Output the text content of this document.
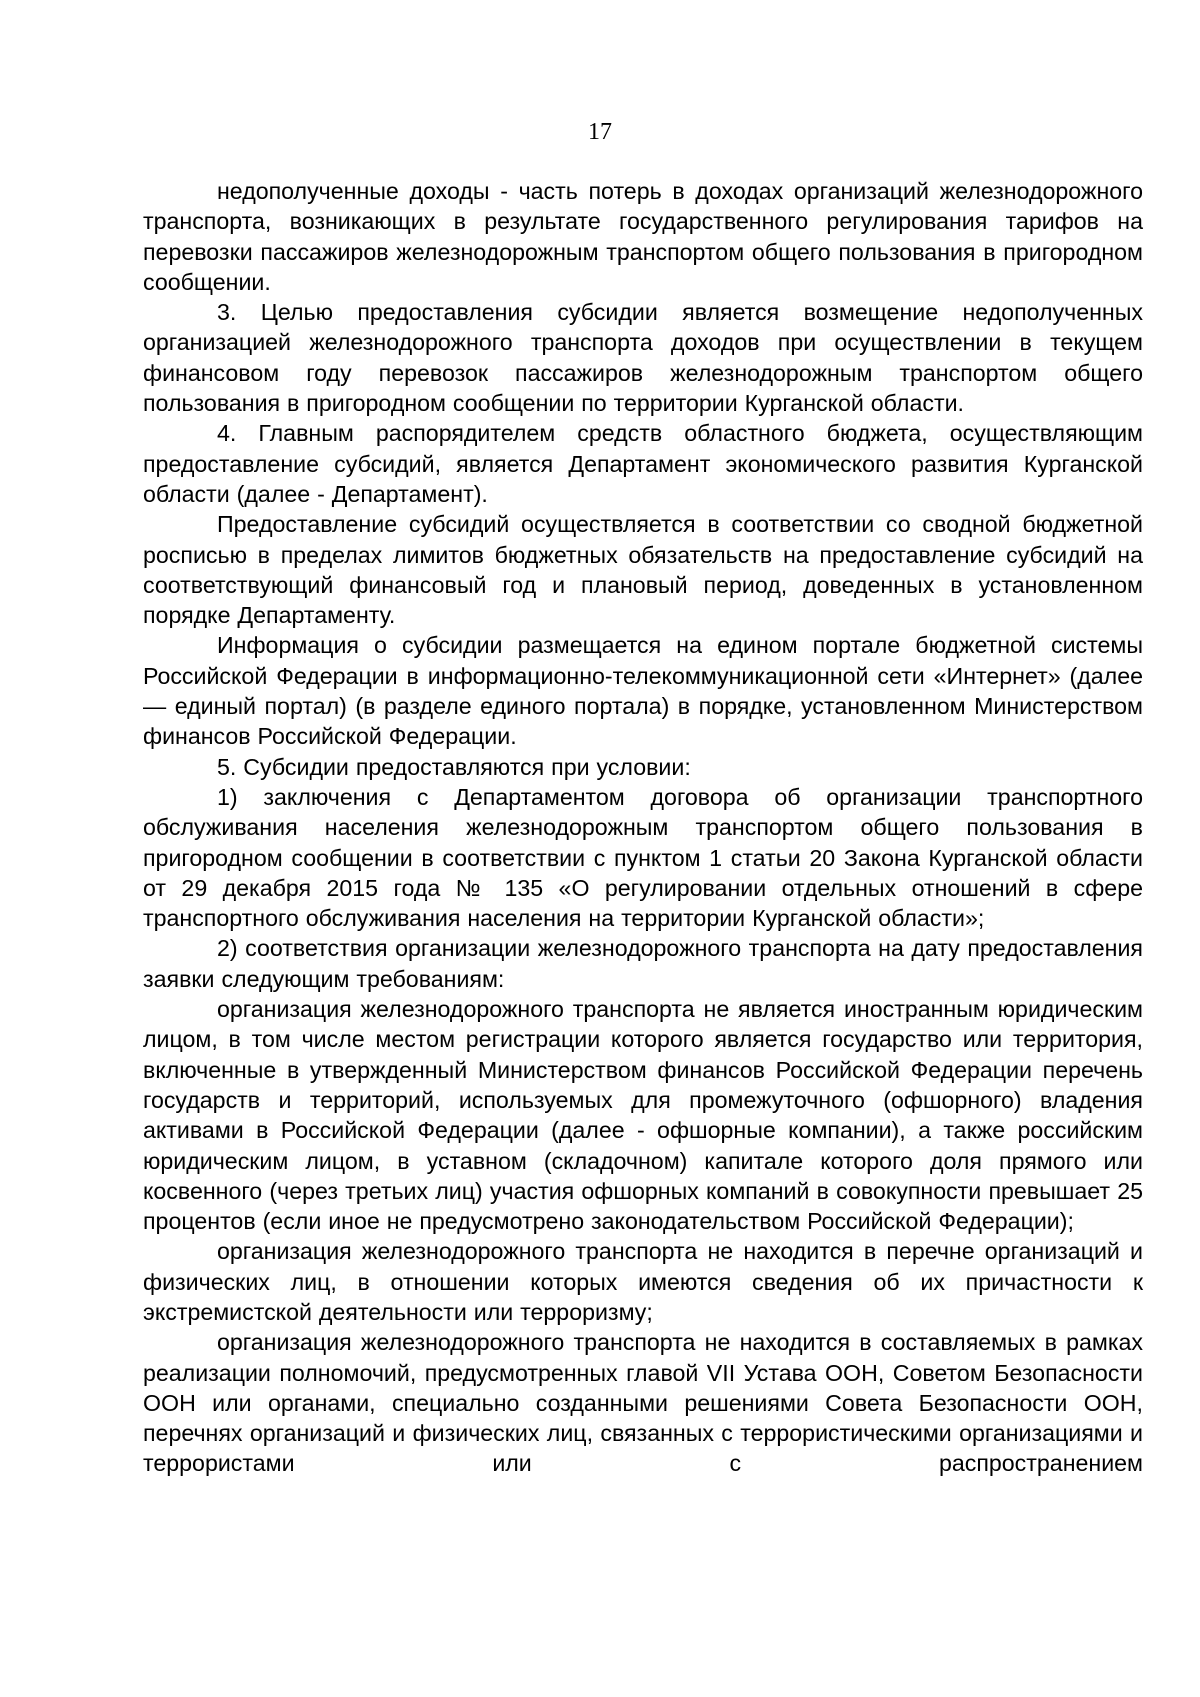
17

недополученные доходы - часть потерь в доходах организаций железнодорожного транспорта, возникающих в результате государственного регулирования тарифов на перевозки пассажиров железнодорожным транспортом общего пользования в пригородном сообщении.

3. Целью предоставления субсидии является возмещение недополученных организацией железнодорожного транспорта доходов при осуществлении в текущем финансовом году перевозок пассажиров железнодорожным транспортом общего пользования в пригородном сообщении по территории Курганской области.

4. Главным распорядителем средств областного бюджета, осуществляющим предоставление субсидий, является Департамент экономического развития Курганской области (далее - Департамент).

Предоставление субсидий осуществляется в соответствии со сводной бюджетной росписью в пределах лимитов бюджетных обязательств на предоставление субсидий на соответствующий финансовый год и плановый период, доведенных в установленном порядке Департаменту.

Информация о субсидии размещается на едином портале бюджетной системы Российской Федерации в информационно-телекоммуникационной сети «Интернет» (далее — единый портал) (в разделе единого портала) в порядке, установленном Министерством финансов Российской Федерации.

5. Субсидии предоставляются при условии:

1) заключения с Департаментом договора об организации транспортного обслуживания населения железнодорожным транспортом общего пользования в пригородном сообщении в соответствии с пунктом 1 статьи 20 Закона Курганской области от 29 декабря 2015 года № 135 «О регулировании отдельных отношений в сфере транспортного обслуживания населения на территории Курганской области»;

2) соответствия организации железнодорожного транспорта на дату предоставления заявки следующим требованиям:

организация железнодорожного транспорта не является иностранным юридическим лицом, в том числе местом регистрации которого является государство или территория, включенные в утвержденный Министерством финансов Российской Федерации перечень государств и территорий, используемых для промежуточного (офшорного) владения активами в Российской Федерации (далее - офшорные компании), а также российским юридическим лицом, в уставном (складочном) капитале которого доля прямого или косвенного (через третьих лиц) участия офшорных компаний в совокупности превышает 25 процентов (если иное не предусмотрено законодательством Российской Федерации);

организация железнодорожного транспорта не находится в перечне организаций и физических лиц, в отношении которых имеются сведения об их причастности к экстремистской деятельности или терроризму;

организация железнодорожного транспорта не находится в составляемых в рамках реализации полномочий, предусмотренных главой VII Устава ООН, Советом Безопасности ООН или органами, специально созданными решениями Совета Безопасности ООН, перечнях организаций и физических лиц, связанных с террористическими организациями и террористами или с распространением
